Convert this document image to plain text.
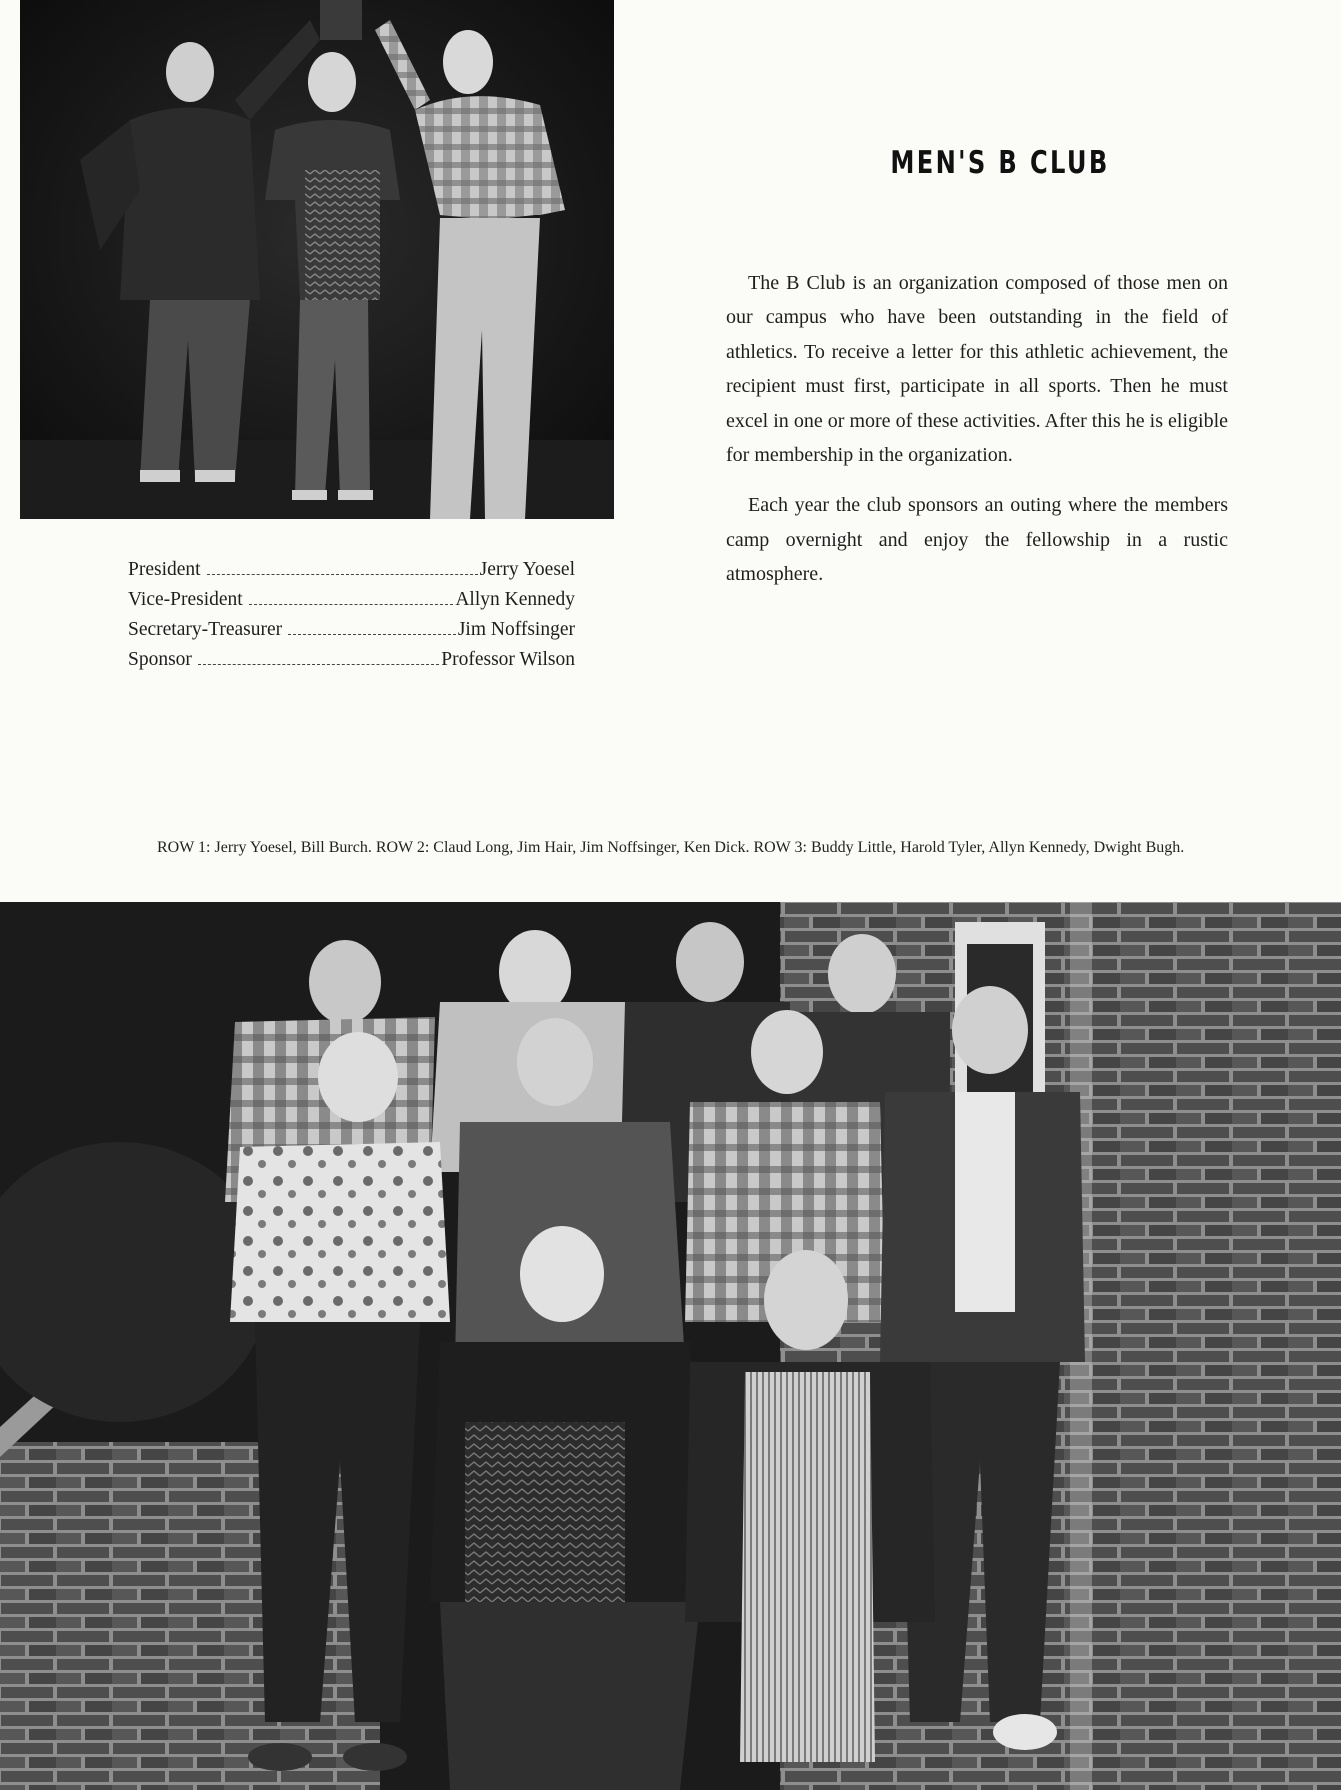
MEN'S B CLUB

The B Club is an organization composed of those men on our campus who have been outstanding in the field of athletics. To receive a letter for this athletic achievement, the recipient must first, participate in all sports. Then he must excel in one or more of these activities. After this he is eligible for membership in the organization.

Each year the club sponsors an outing where the members camp overnight and enjoy the fellowship in a rustic atmosphere.

President	Jerry Yoesel
Vice-President	Allyn Kennedy
Secretary-Treasurer	Jim Noffsinger
Sponsor	Professor Wilson
ROW 1: Jerry Yoesel, Bill Burch. ROW 2: Claud Long, Jim Hair, Jim Noffsinger, Ken Dick. ROW 3: Buddy Little, Harold Tyler, Allyn Kennedy, Dwight Bugh.
